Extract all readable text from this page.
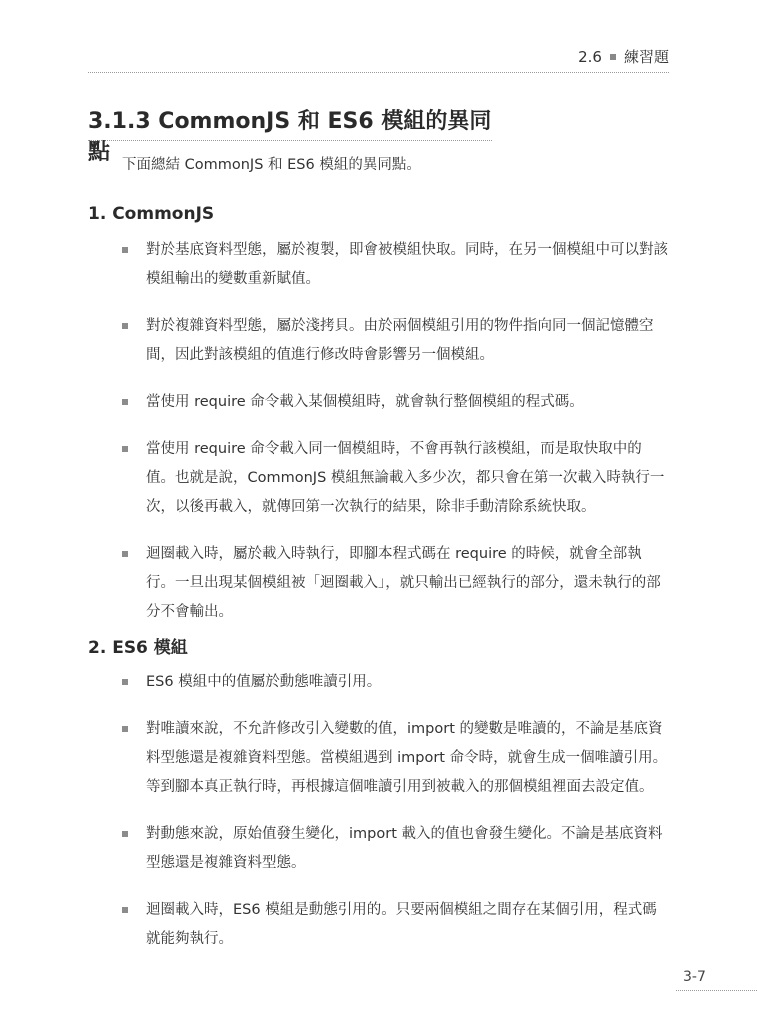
2.6 練習題
3.1.3 CommonJS 和 ES6 模組的異同點 下面總結 CommonJS 和 ES6 模組的異同點。
1. CommonJS
對於基底資料型態，屬於複製，即會被模組快取。同時，在另一個模組中可以對該模組輸出的變數重新賦值。
對於複雜資料型態，屬於淺拷貝。由於兩個模組引用的物件指向同一個記憶體空間，因此對該模組的值進行修改時會影響另一個模組。
當使用 require 命令載入某個模組時，就會執行整個模組的程式碼。
當使用 require 命令載入同一個模組時，不會再執行該模組，而是取快取中的值。也就是說，CommonJS 模組無論載入多少次，都只會在第一次載入時執行一次，以後再載入，就傳回第一次執行的結果，除非手動清除系統快取。
迴圈載入時，屬於載入時執行，即腳本程式碼在 require 的時候，就會全部執行。一旦出現某個模組被「迴圈載入」，就只輸出已經執行的部分，還未執行的部分不會輸出。
2. ES6 模組
ES6 模組中的值屬於動態唯讀引用。
對唯讀來說，不允許修改引入變數的值，import 的變數是唯讀的，不論是基底資料型態還是複雜資料型態。當模組遇到 import 命令時，就會生成一個唯讀引用。等到腳本真正執行時，再根據這個唯讀引用到被載入的那個模組裡面去設定值。
對動態來說，原始值發生變化，import 載入的值也會發生變化。不論是基底資料型態還是複雜資料型態。
迴圈載入時，ES6 模組是動態引用的。只要兩個模組之間存在某個引用，程式碼就能夠執行。
3-7
